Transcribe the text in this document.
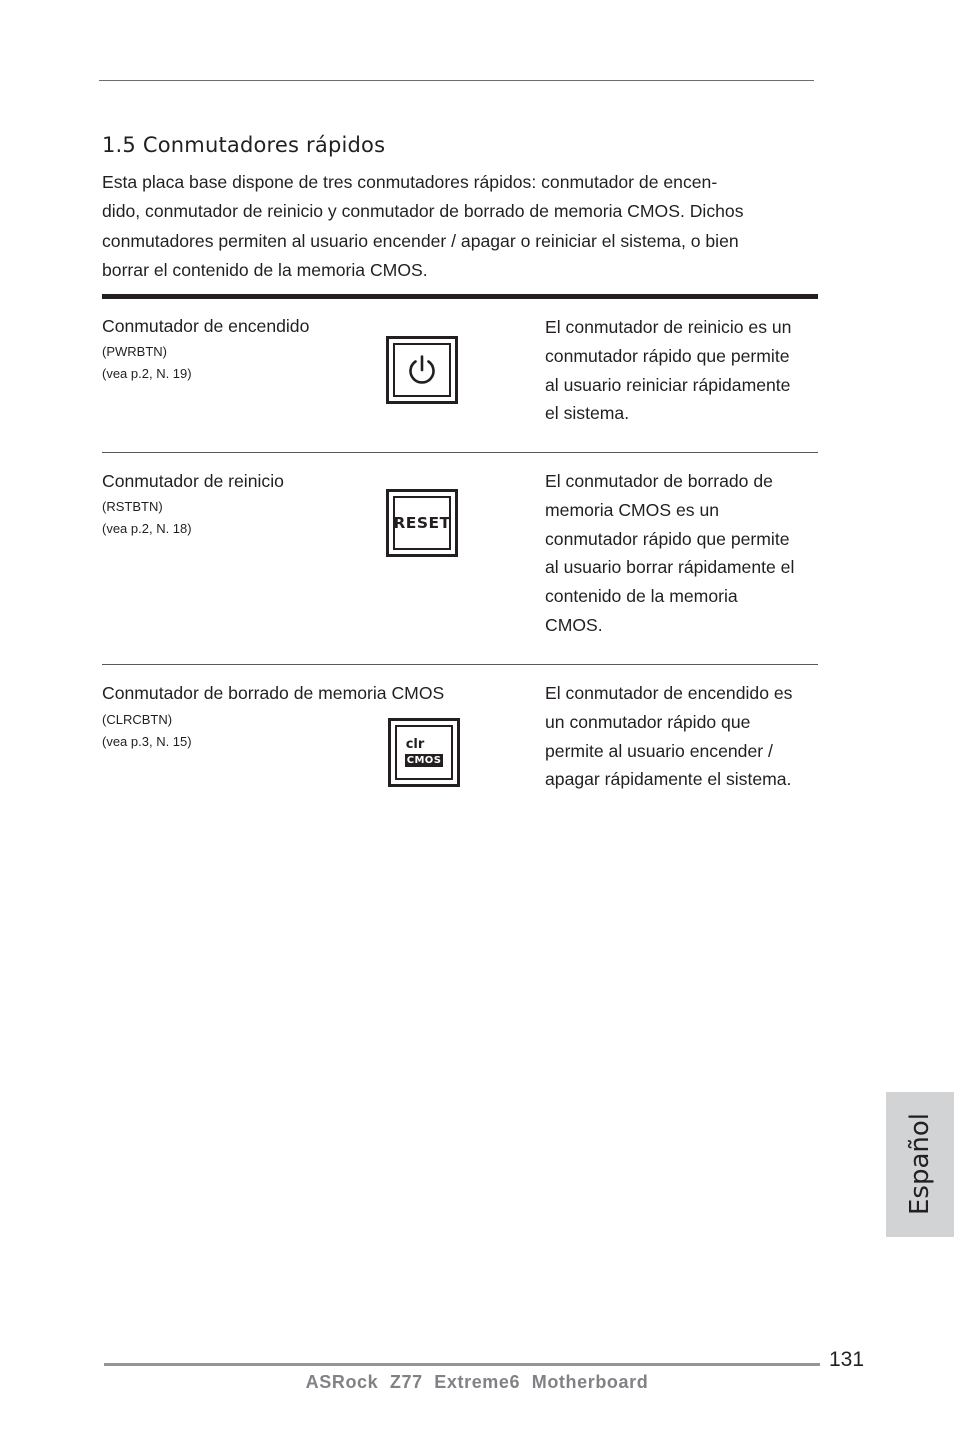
1.5 Conmutadores rápidos
Esta placa base dispone de tres conmutadores rápidos: conmutador de encen-
dido, conmutador de reinicio y conmutador de borrado de memoria CMOS. Dichos
conmutadores permiten al usuario encender / apagar o reiniciar el sistema, o bien
borrar el contenido de la memoria CMOS.

Conmutador de encendido

(PWRBTN)
(vea p.2, N. 19)
El conmutador de reinicio es un
conmutador rápido que permite
al usuario reiniciar rápidamente
el sistema.

Conmutador de reinicio

(RSTBTN)
(vea p.2, N. 18)	RESET
El conmutador de borrado de
memoria CMOS es un
conmutador rápido que permite
al usuario borrar rápidamente el
contenido de la memoria
CMOS.

Conmutador de borrado de memoria CMOS

(CLRCBTN)
(vea p.3, N. 15)	clr
CMOS
El conmutador de encendido es
un conmutador rápido que
permite al usuario encender /
apagar rápidamente el sistema.
Español
131
ASRock Z77 Extreme6 Motherboard
